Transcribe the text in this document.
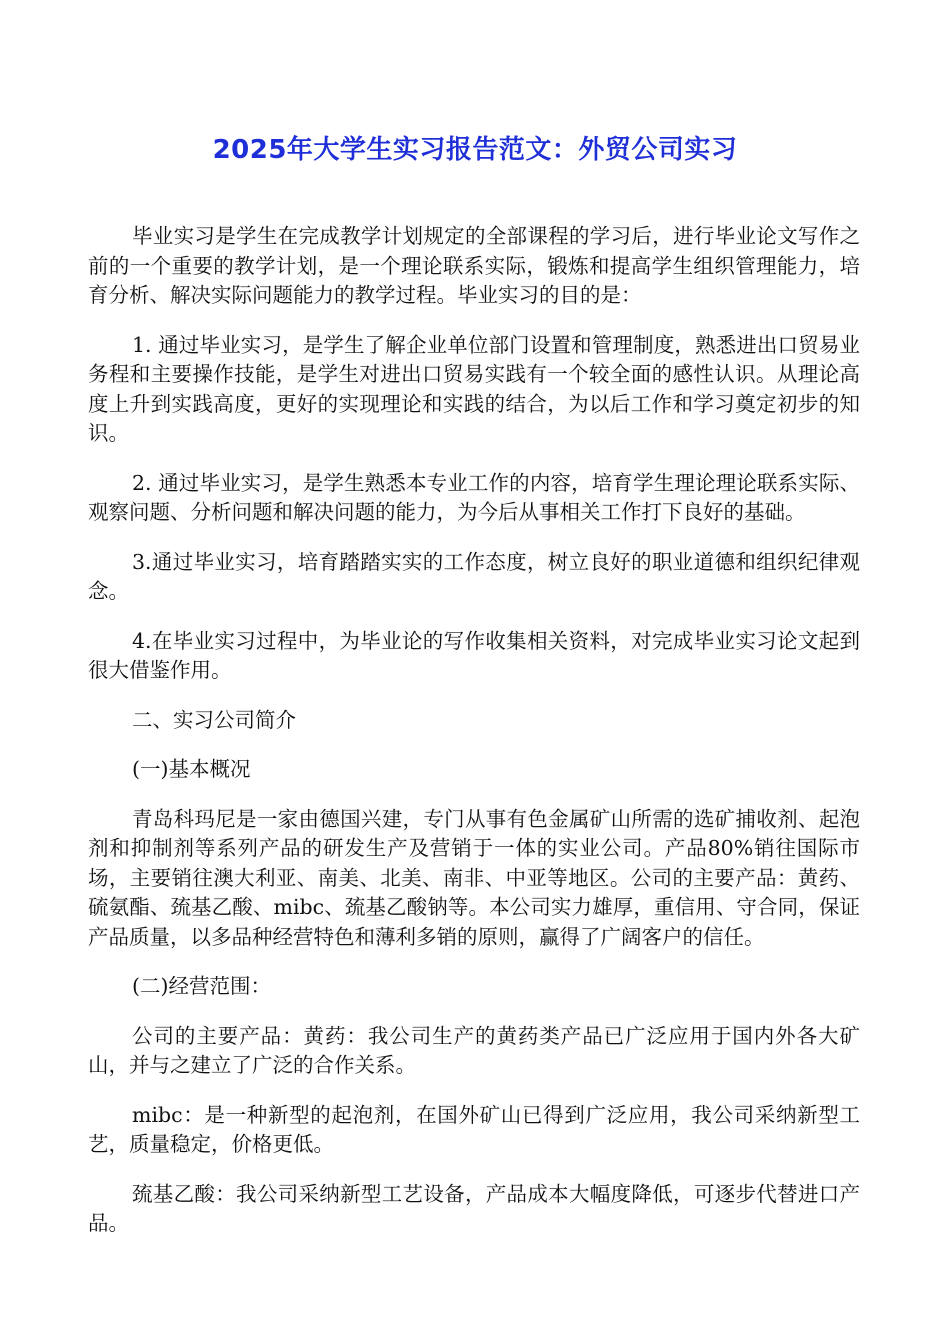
2025年大学生实习报告范文：外贸公司实习

毕业实习是学生在完成教学计划规定的全部课程的学习后，进行毕业论文写作之前的一个重要的教学计划，是一个理论联系实际，锻炼和提高学生组织管理能力，培育分析、解决实际问题能力的教学过程。毕业实习的目的是：

1. 通过毕业实习，是学生了解企业单位部门设置和管理制度，熟悉进出口贸易业务程和主要操作技能，是学生对进出口贸易实践有一个较全面的感性认识。从理论高度上升到实践高度，更好的实现理论和实践的结合，为以后工作和学习奠定初步的知识。

2. 通过毕业实习，是学生熟悉本专业工作的内容，培育学生理论理论联系实际、观察问题、分析问题和解决问题的能力，为今后从事相关工作打下良好的基础。

3.通过毕业实习，培育踏踏实实的工作态度，树立良好的职业道德和组织纪律观念。

4.在毕业实习过程中，为毕业论的写作收集相关资料，对完成毕业实习论文起到很大借鉴作用。

二、实习公司简介

(一)基本概况

青岛科玛尼是一家由德国兴建，专门从事有色金属矿山所需的选矿捕收剂、起泡剂和抑制剂等系列产品的研发生产及营销于一体的实业公司。产品80%销往国际市场，主要销往澳大利亚、南美、北美、南非、中亚等地区。公司的主要产品：黄药、硫氨酯、巯基乙酸、mibc、巯基乙酸钠等。本公司实力雄厚，重信用、守合同，保证产品质量，以多品种经营特色和薄利多销的原则，赢得了广阔客户的信任。

(二)经营范围：

公司的主要产品：黄药：我公司生产的黄药类产品已广泛应用于国内外各大矿山，并与之建立了广泛的合作关系。

mibc：是一种新型的起泡剂，在国外矿山已得到广泛应用，我公司采纳新型工艺，质量稳定，价格更低。

巯基乙酸：我公司采纳新型工艺设备，产品成本大幅度降低，可逐步代替进口产品。
